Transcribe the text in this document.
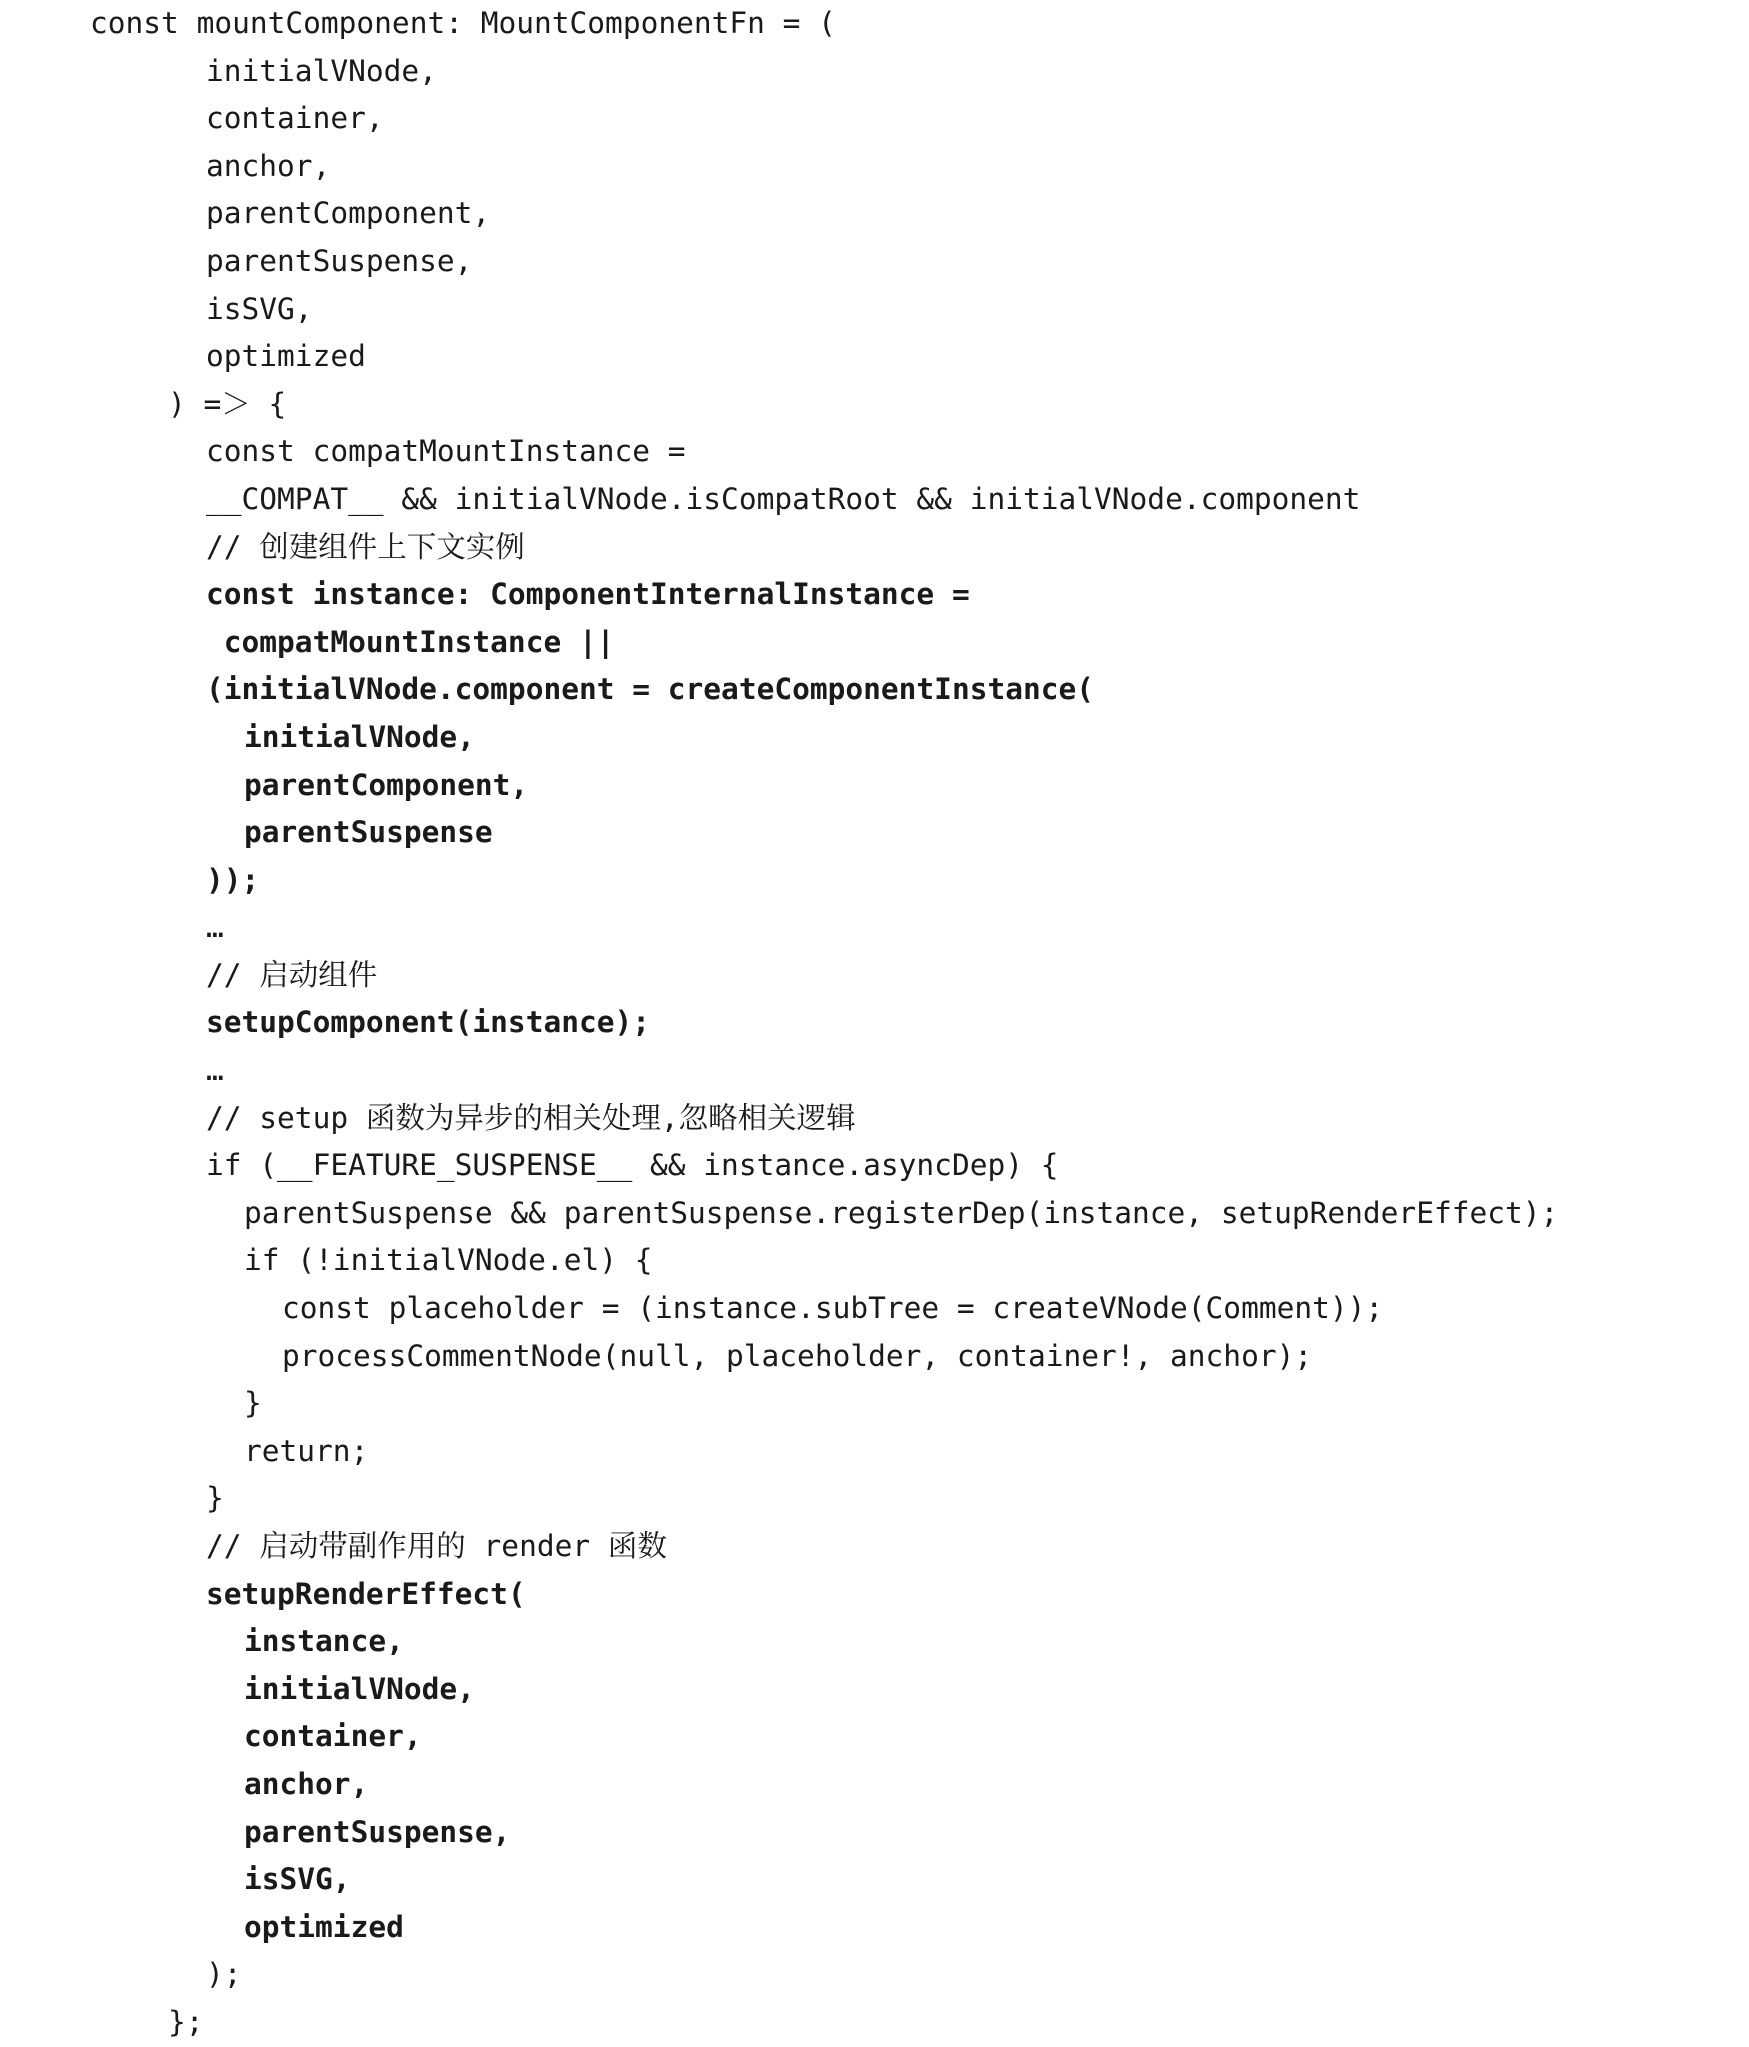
const mountComponent: MountComponentFn = (
initialVNode,
container,
anchor,
parentComponent,
parentSuspense,
isSVG,
optimized
) =＞ {
const compatMountInstance =
__COMPAT__ && initialVNode.isCompatRoot && initialVNode.component
// 创建组件上下文实例
const instance: ComponentInternalInstance =
compatMountInstance ||
(initialVNode.component = createComponentInstance(
initialVNode,
parentComponent,
parentSuspense
));
…
// 启动组件
setupComponent(instance);
…
// setup 函数为异步的相关处理,忽略相关逻辑
if (__FEATURE_SUSPENSE__ && instance.asyncDep) {
parentSuspense && parentSuspense.registerDep(instance, setupRenderEffect);
if (!initialVNode.el) {
const placeholder = (instance.subTree = createVNode(Comment));
processCommentNode(null, placeholder, container!, anchor);
}
return;
}
// 启动带副作用的 render 函数
setupRenderEffect(
instance,
initialVNode,
container,
anchor,
parentSuspense,
isSVG,
optimized
);
};
